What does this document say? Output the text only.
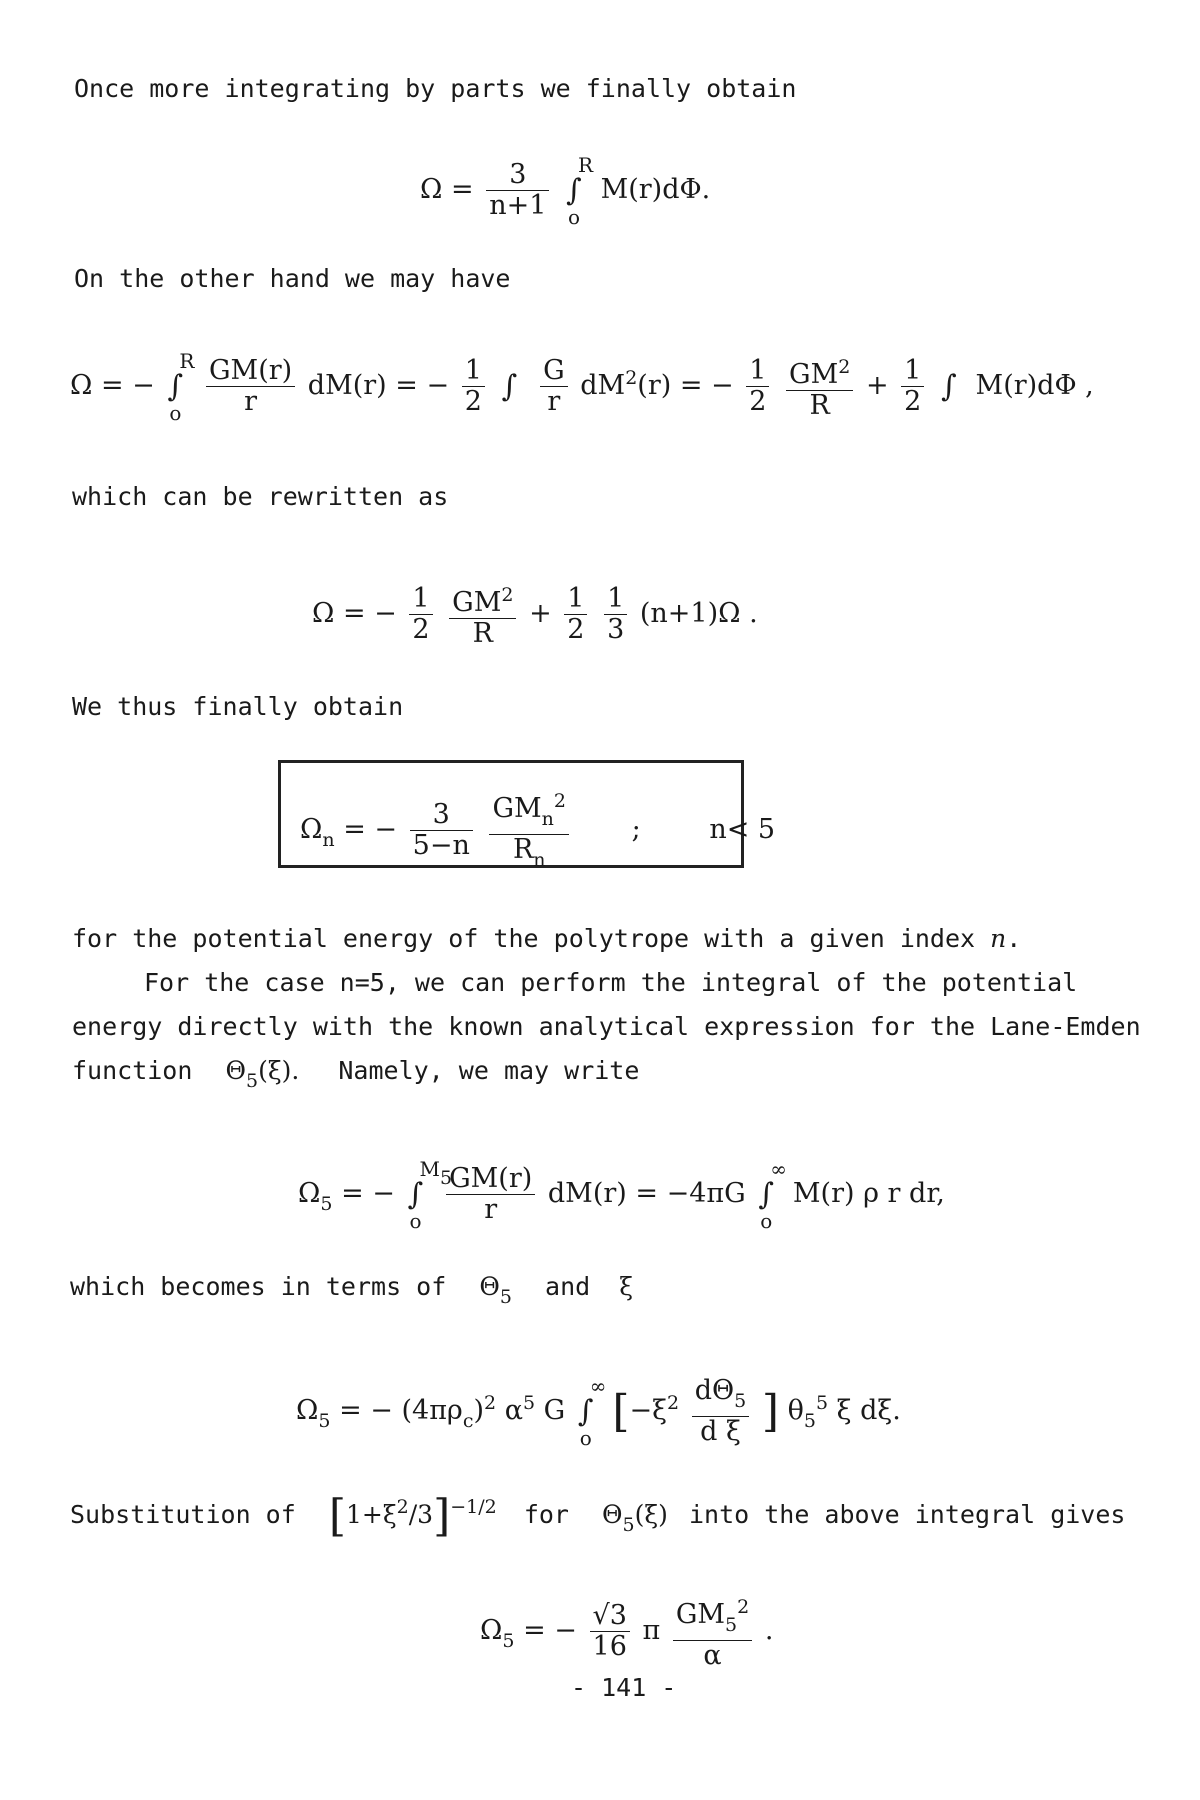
Once more integrating by parts we finally obtain
$\Omega = \frac{3}{n+1}$
∫
R
o
M(r)dΦ.
On the other hand we may have
Ω = − ∫
R
o
$\frac{GM(r)}{r} dM(r)$ = − $\frac{1}{2}$
∫
$\frac{G}{r} dM^2(r)$ = − $\frac{1}{2}$
$\frac{GM^2}{R} + \frac{1}{2}$
∫ M(r)dΦ ,
which can be rewritten as
Ω = − $\frac{1}{2}$
$\frac{GM^2}{R} + \frac{1}{2}$
$\frac{1}{3} (n+1)\Omega$ .
We thus finally obtain
$\Omega_n$ = − $\frac{3}{5-n}$
$\frac{GM_n^2}{R_n}$ ;	n< 5
for the potential energy of the polytrope with a given index n.
For the case n=5, we can perform the integral of the potential
energy directly with the known analytical expression for the Lane-Emden
function $\Theta_5(\xi)$. Namely, we may write
$\Omega_5$ = − ∫
M5
o
$\frac{GM(r)}{r} dM(r) = -4\pi G$ ∫
∞
o
M(r) ρ r dr,
which becomes in terms of $\Theta_5$ and ξ
$\Omega_5$ = − $(4\pi\rho_c)^2$ $\alpha^5$ G ∫
∞
o
[$-\xi^2 \frac{d\Theta_5}{\text{d ξ}}$ ] $\theta_5^5$ ξ dξ.
Substitution of $[1+\xi^2/3]^{-1/2}$ for $\Theta_5(\xi)$ into the above integral gives
$\Omega_5$ = − $\frac{√3}{16}$ π $\frac{GM_5^2}{\alpha}$ .
- 141 -
